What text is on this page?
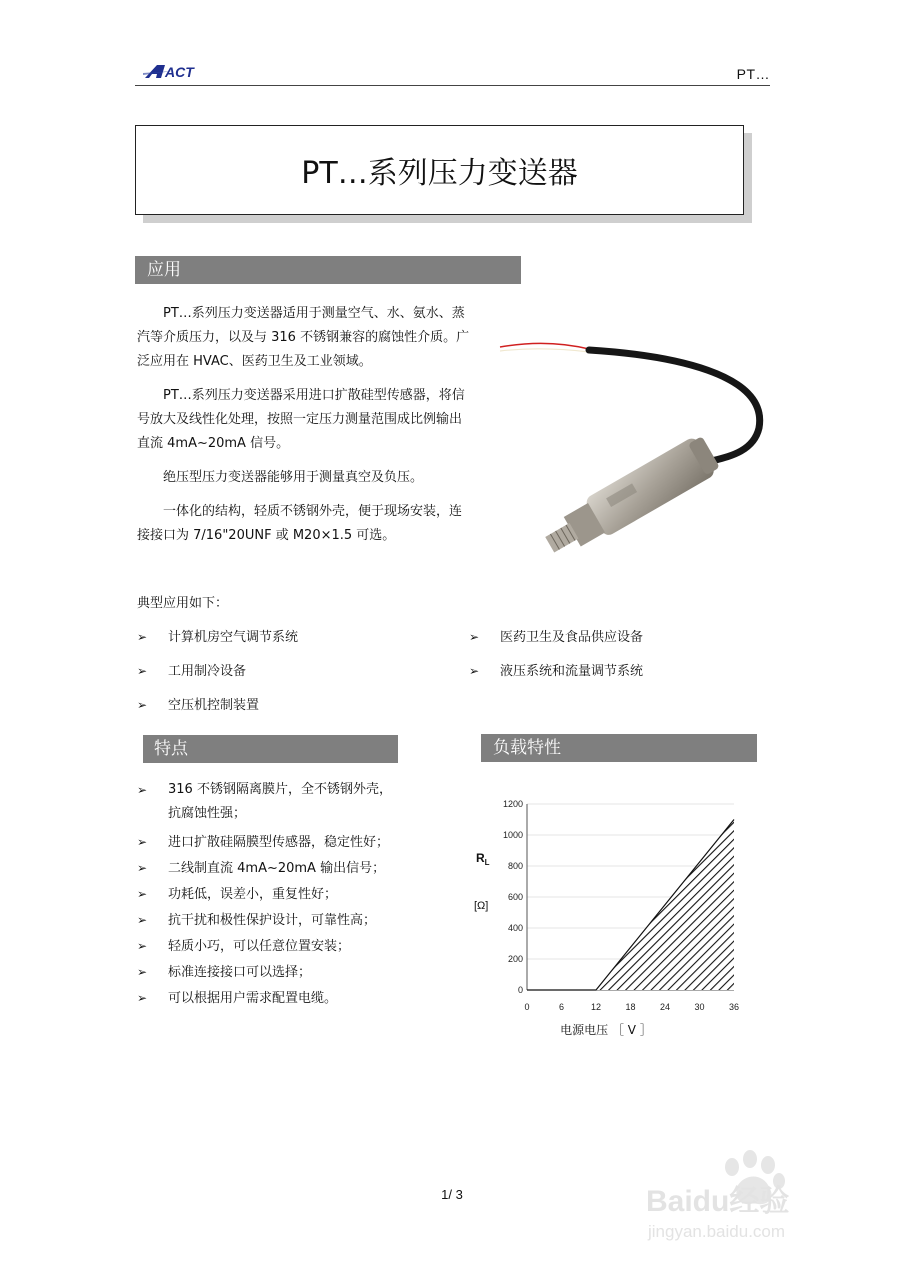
ACT	PT…
PT…系列压力变送器
应用

PT…系列压力变送器适用于测量空气、水、氨水、蒸汽等介质压力，以及与 316 不锈钢兼容的腐蚀性介质。广泛应用在 HVAC、医药卫生及工业领域。

PT…系列压力变送器采用进口扩散硅型传感器，将信号放大及线性化处理，按照一定压力测量范围成比例输出直流 4mA~20mA 信号。

绝压型压力变送器能够用于测量真空及负压。

一体化的结构，轻质不锈钢外壳，便于现场安装，连接接口为 7/16"20UNF 或 M20×1.5 可选。

典型应用如下：
➢ 计算机房空气调节系统	➢ 医药卫生及食品供应设备
➢ 工用制冷设备	➢ 液压系统和流量调节系统
➢ 空压机控制装置
特点
➢	316 不锈钢隔离膜片，全不锈钢外壳，抗腐蚀性强；
➢ 进口扩散硅隔膜型传感器，稳定性好；
➢ 二线制直流 4mA~20mA 输出信号；
➢ 功耗低，误差小，重复性好；
➢ 抗干扰和极性保护设计，可靠性高；
➢ 轻质小巧，可以任意位置安装；
➢ 标准连接接口可以选择；
➢ 可以根据用户需求配置电缆。
负载特性
0
200
400
600
800
1000
1200
0	6	12	18	24	30	36
$R_L$
[Ω]
电源电压 ［ V ］
Baidu经验
jingyan.baidu.com
1/ 3
